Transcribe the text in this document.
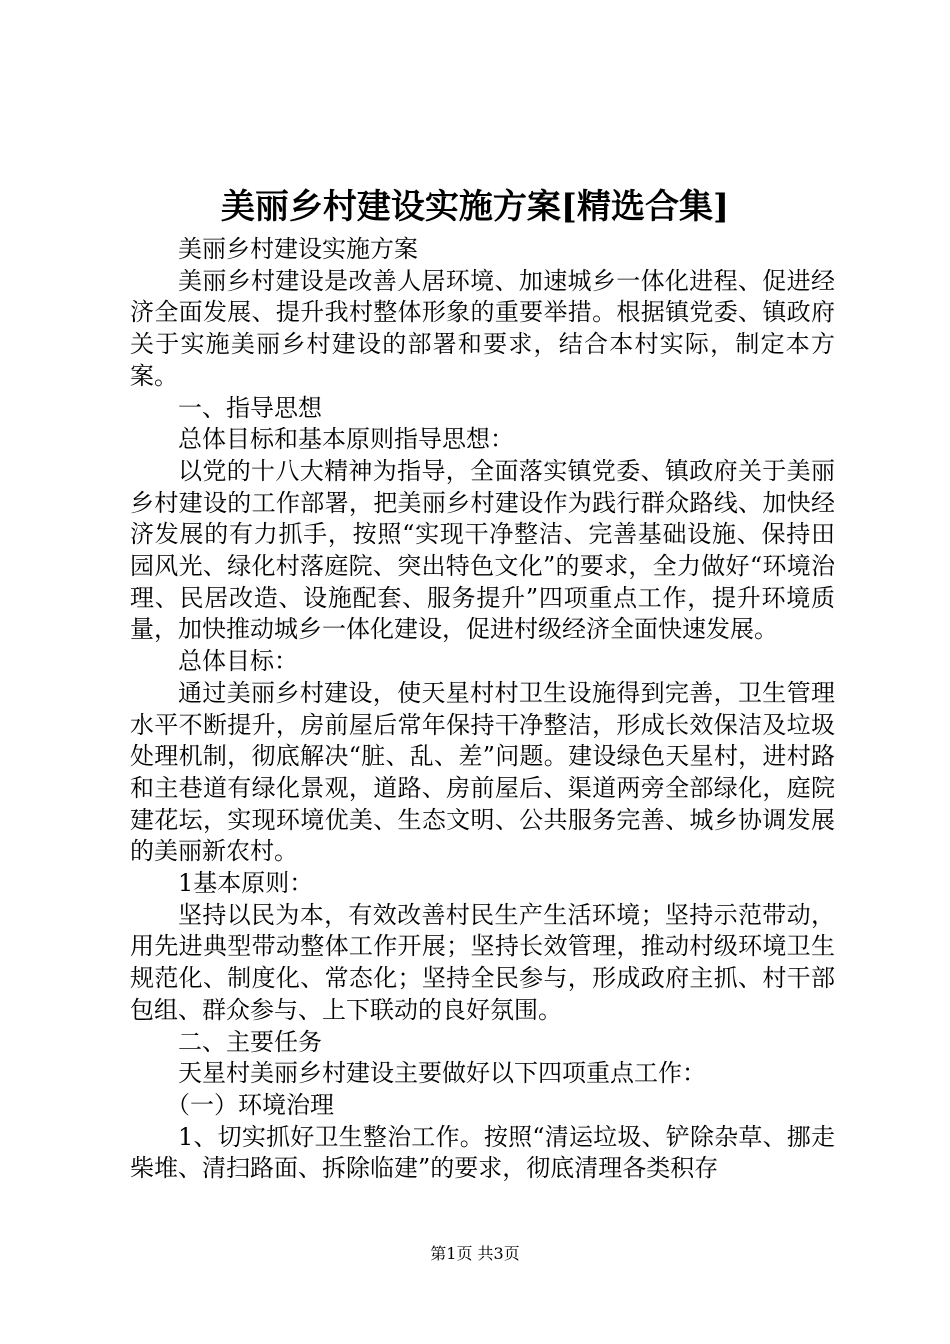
美丽乡村建设实施方案[精选合集]

美丽乡村建设实施方案

美丽乡村建设是改善人居环境、加速城乡一体化进程、促进经济全面发展、提升我村整体形象的重要举措。根据镇党委、镇政府关于实施美丽乡村建设的部署和要求，结合本村实际，制定本方案。

一、指导思想

总体目标和基本原则指导思想：

以党的十八大精神为指导，全面落实镇党委、镇政府关于美丽乡村建设的工作部署，把美丽乡村建设作为践行群众路线、加快经济发展的有力抓手，按照“实现干净整洁、完善基础设施、保持田园风光、绿化村落庭院、突出特色文化”的要求，全力做好“环境治理、民居改造、设施配套、服务提升”四项重点工作，提升环境质量，加快推动城乡一体化建设，促进村级经济全面快速发展。

总体目标：

通过美丽乡村建设，使天星村村卫生设施得到完善，卫生管理水平不断提升，房前屋后常年保持干净整洁，形成长效保洁及垃圾处理机制，彻底解决“脏、乱、差”问题。建设绿色天星村，进村路和主巷道有绿化景观，道路、房前屋后、渠道两旁全部绿化，庭院建花坛，实现环境优美、生态文明、公共服务完善、城乡协调发展的美丽新农村。

1基本原则：

坚持以民为本，有效改善村民生产生活环境；坚持示范带动，用先进典型带动整体工作开展；坚持长效管理，推动村级环境卫生规范化、制度化、常态化；坚持全民参与，形成政府主抓、村干部包组、群众参与、上下联动的良好氛围。

二、主要任务

天星村美丽乡村建设主要做好以下四项重点工作：

（一）环境治理

1、切实抓好卫生整治工作。按照“清运垃圾、铲除杂草、挪走柴堆、清扫路面、拆除临建”的要求，彻底清理各类积存

第1页 共3页
